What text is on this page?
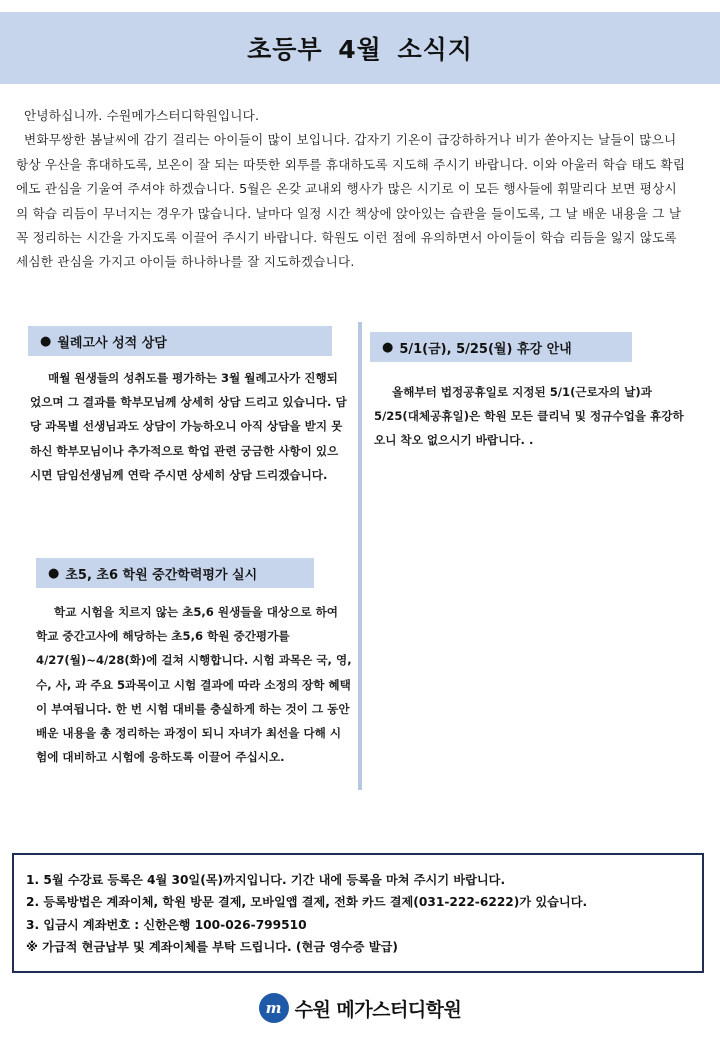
초등부 4월 소식지

안녕하십니까. 수원메가스터디학원입니다.

변화무쌍한 봄날씨에 감기 걸리는 아이들이 많이 보입니다. 갑자기 기온이 급강하하거나 비가 쏟아지는 날들이 많으니 항상 우산을 휴대하도록, 보온이 잘 되는 따뜻한 외투를 휴대하도록 지도해 주시기 바랍니다. 이와 아울러 학습 태도 확립에도 관심을 기울여 주셔야 하겠습니다. 5월은 온갖 교내외 행사가 많은 시기로 이 모든 행사들에 휘말리다 보면 평상시의 학습 리듬이 무너지는 경우가 많습니다. 날마다 일정 시간 책상에 앉아있는 습관을 들이도록, 그 날 배운 내용을 그 날 꼭 정리하는 시간을 가지도록 이끌어 주시기 바랍니다. 학원도 이런 점에 유의하면서 아이들이 학습 리듬을 잃지 않도록 세심한 관심을 가지고 아이들 하나하나를 잘 지도하겠습니다.

● 월례고사 성적 상담
매월 원생들의 성취도를 평가하는 3월 월례고사가 진행되었으며 그 결과를 학부모님께 상세히 상담 드리고 있습니다. 담당 과목별 선생님과도 상담이 가능하오니 아직 상담을 받지 못하신 학부모님이나 추가적으로 학업 관련 궁금한 사항이 있으시면 담임선생님께 연락 주시면 상세히 상담 드리겠습니다.
● 초5, 초6 학원 중간학력평가 실시
학교 시험을 치르지 않는 초5,6 원생들을 대상으로 하여 학교 중간고사에 해당하는 초5,6 학원 중간평가를 4/27(월)~4/28(화)에 걸쳐 시행합니다. 시험 과목은 국, 영, 수, 사, 과 주요 5과목이고 시험 결과에 따라 소정의 장학 혜택이 부여됩니다. 한 번 시험 대비를 충실하게 하는 것이 그 동안 배운 내용을 총 정리하는 과정이 되니 자녀가 최선을 다해 시험에 대비하고 시험에 응하도록 이끌어 주십시오.
● 5/1(금), 5/25(월) 휴강 안내
올해부터 법정공휴일로 지정된 5/1(근로자의 날)과 5/25(대체공휴일)은 학원 모든 클리닉 및 정규수업을 휴강하오니 착오 없으시기 바랍니다. .
1. 5월 수강료 등록은 4월 30일(목)까지입니다. 기간 내에 등록을 마쳐 주시기 바랍니다.
2. 등록방법은 계좌이체, 학원 방문 결제, 모바일앱 결제, 전화 카드 결제(031-222-6222)가 있습니다.
3. 입금시 계좌번호 : 신한은행 100-026-799510
※ 가급적 현금납부 및 계좌이체를 부탁 드립니다. (현금 영수증 발급)
m 수원 메가스터디학원
